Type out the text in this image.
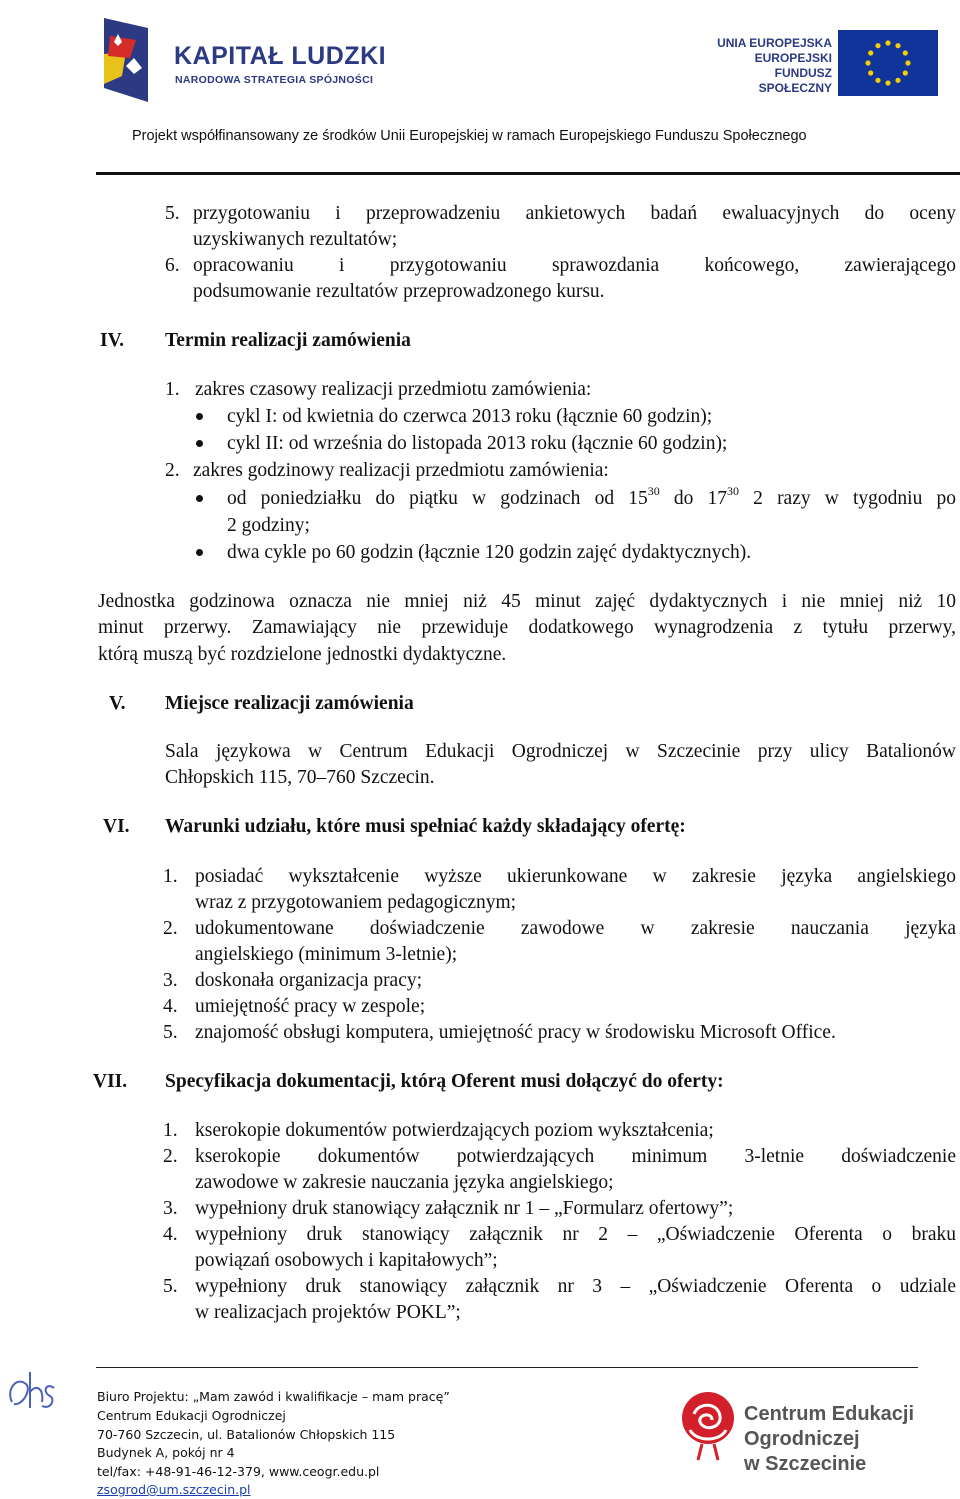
KAPITAŁ LUDZKI
NARODOWA STRATEGIA SPÓJNOŚCI
UNIA EUROPEJSKA
EUROPEJSKI
FUNDUSZ SPOŁECZNY
Projekt współfinansowany ze środków Unii Europejskiej w ramach Europejskiego Funduszu Społecznego
5. przygotowaniu i przeprowadzeniu ankietowych badań ewaluacyjnych do oceny
uzyskiwanych rezultatów;
6. opracowaniu i przygotowaniu sprawozdania końcowego, zawierającego
podsumowanie rezultatów przeprowadzonego kursu.
IV. Termin realizacji zamówienia
1. zakres czasowy realizacji przedmiotu zamówienia:
cykl I: od kwietnia do czerwca 2013 roku (łącznie 60 godzin);
cykl II: od września do listopada 2013 roku (łącznie 60 godzin);
2. zakres godzinowy realizacji przedmiotu zamówienia:
od poniedziałku do piątku w godzinach od $15^{30}$ do $17^{30}$ 2 razy w tygodniu po
2 godziny;
dwa cykle po 60 godzin (łącznie 120 godzin zajęć dydaktycznych).
Jednostka godzinowa oznacza nie mniej niż 45 minut zajęć dydaktycznych i nie mniej niż 10
minut przerwy. Zamawiający nie przewiduje dodatkowego wynagrodzenia z tytułu przerwy,
którą muszą być rozdzielone jednostki dydaktyczne.
V. Miejsce realizacji zamówienia
Sala językowa w Centrum Edukacji Ogrodniczej w Szczecinie przy ulicy Batalionów
Chłopskich 115, 70–760 Szczecin.
VI. Warunki udziału, które musi spełniać każdy składający ofertę:
1. posiadać wykształcenie wyższe ukierunkowane w zakresie języka angielskiego
wraz z przygotowaniem pedagogicznym;
2. udokumentowane doświadczenie zawodowe w zakresie nauczania języka
angielskiego (minimum 3-letnie);
3. doskonała organizacja pracy;
4. umiejętność pracy w zespole;
5. znajomość obsługi komputera, umiejętność pracy w środowisku Microsoft Office.
VII. Specyfikacja dokumentacji, którą Oferent musi dołączyć do oferty:
1. kserokopie dokumentów potwierdzających poziom wykształcenia;
2. kserokopie dokumentów potwierdzających minimum 3-letnie doświadczenie
zawodowe w zakresie nauczania języka angielskiego;
3. wypełniony druk stanowiący załącznik nr 1 – „Formularz ofertowy”;
4. wypełniony druk stanowiący załącznik nr 2 – „Oświadczenie Oferenta o braku
powiązań osobowych i kapitałowych”;
5. wypełniony druk stanowiący załącznik nr 3 – „Oświadczenie Oferenta o udziale
w realizacjach projektów POKL”;
Biuro Projektu: „Mam zawód i kwalifikacje – mam pracę”
Centrum Edukacji Ogrodniczej
70-760 Szczecin, ul. Batalionów Chłopskich 115
Budynek A, pokój nr 4
tel/fax: +48-91-46-12-379, www.ceogr.edu.pl
zsogrod@um.szczecin.pl
Centrum Edukacji
Ogrodniczej
w Szczecinie
